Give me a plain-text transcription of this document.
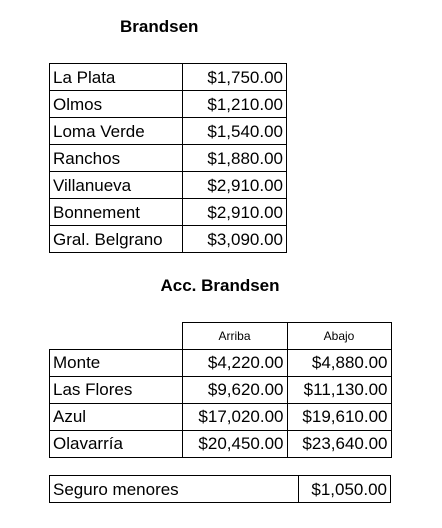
Brandsen
La Plata	$1,750.00
Olmos	$1,210.00
Loma Verde	$1,540.00
Ranchos	$1,880.00
Villanueva	$2,910.00
Bonnement	$2,910.00
Gral. Belgrano	$3,090.00
Acc. Brandsen
	Arriba	Abajo
Monte	$4,220.00	$4,880.00
Las Flores	$9,620.00	$11,130.00
Azul	$17,020.00	$19,610.00
Olavarría	$20,450.00	$23,640.00
Seguro menores	$1,050.00
